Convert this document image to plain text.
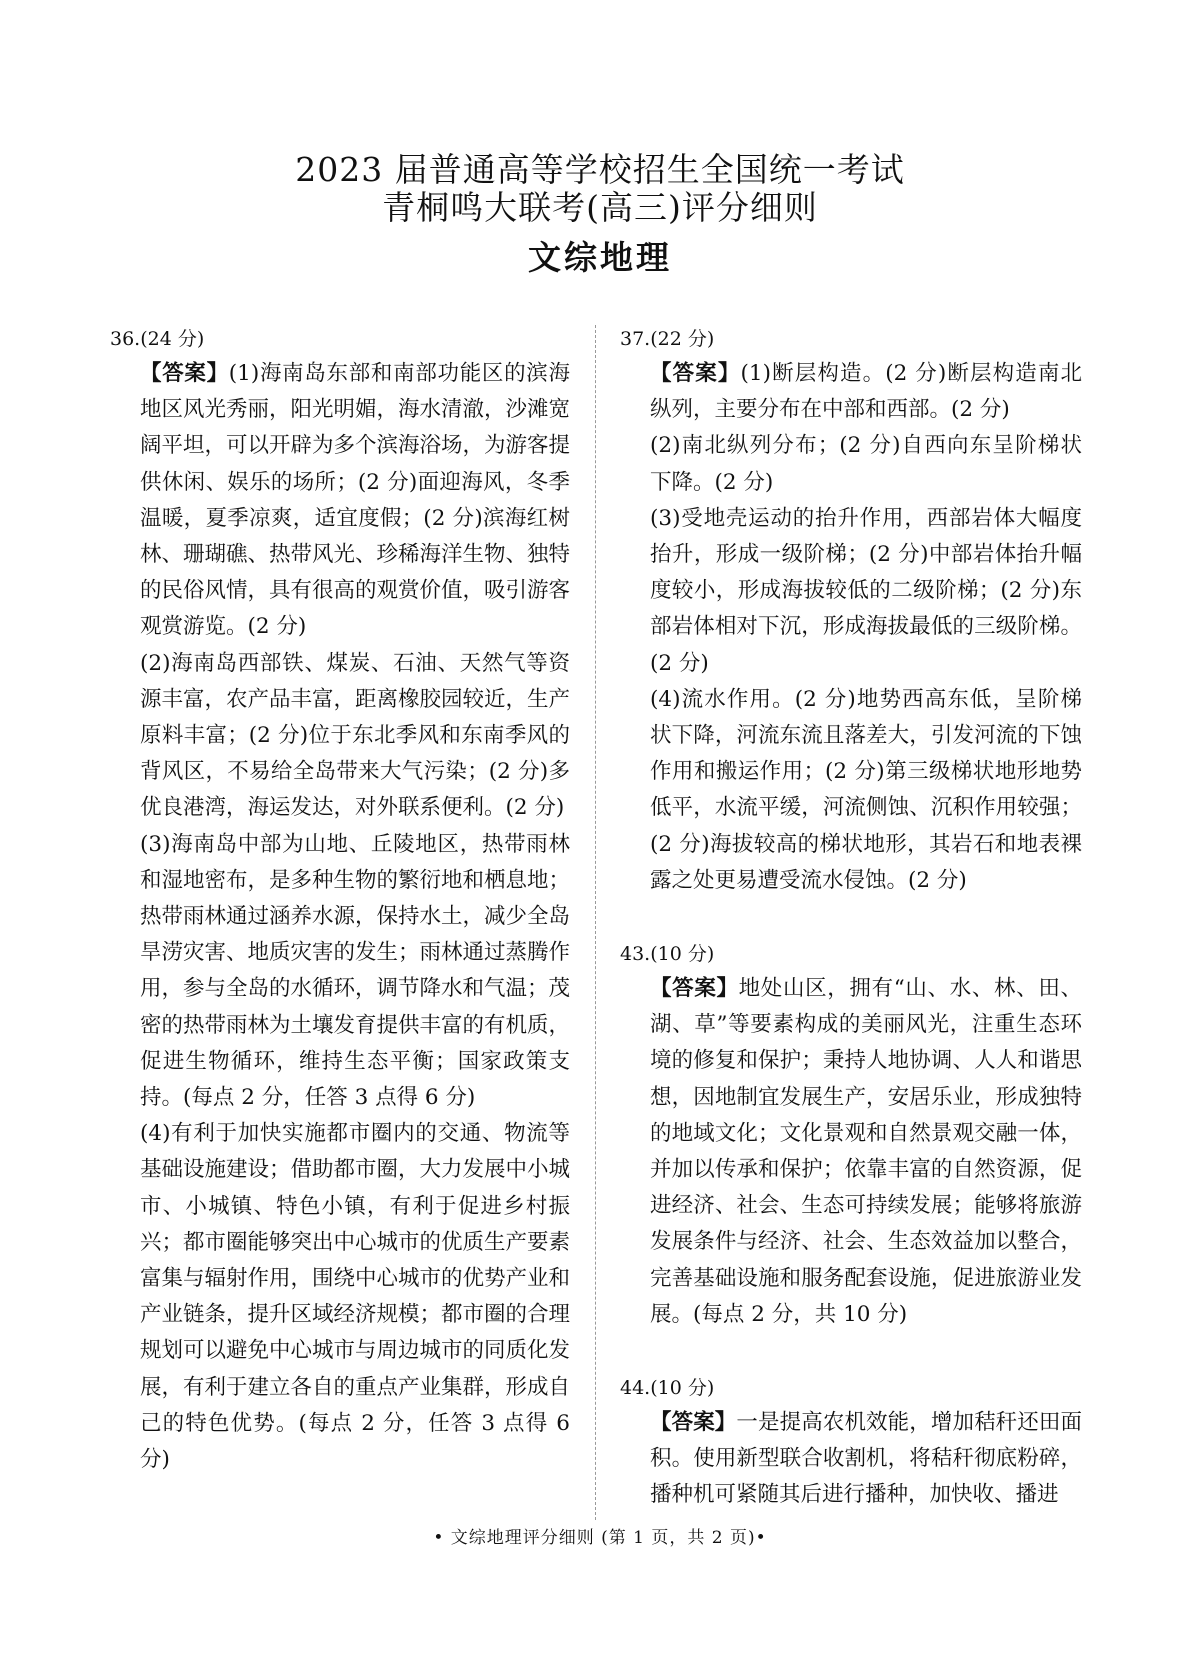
2023 届普通高等学校招生全国统一考试
青桐鸣大联考(高三)评分细则
文综地理
36.(24 分)

【答案】(1)海南岛东部和南部功能区的滨海地区风光秀丽，阳光明媚，海水清澈，沙滩宽阔平坦，可以开辟为多个滨海浴场，为游客提供休闲、娱乐的场所；(2 分)面迎海风，冬季温暖，夏季凉爽，适宜度假；(2 分)滨海红树林、珊瑚礁、热带风光、珍稀海洋生物、独特的民俗风情，具有很高的观赏价值，吸引游客观赏游览。(2 分)

(2)海南岛西部铁、煤炭、石油、天然气等资源丰富，农产品丰富，距离橡胶园较近，生产原料丰富；(2 分)位于东北季风和东南季风的背风区，不易给全岛带来大气污染；(2 分)多优良港湾，海运发达，对外联系便利。(2 分)

(3)海南岛中部为山地、丘陵地区，热带雨林和湿地密布，是多种生物的繁衍地和栖息地；热带雨林通过涵养水源，保持水土，减少全岛旱涝灾害、地质灾害的发生；雨林通过蒸腾作用，参与全岛的水循环，调节降水和气温；茂密的热带雨林为土壤发育提供丰富的有机质，促进生物循环，维持生态平衡；国家政策支持。(每点 2 分，任答 3 点得 6 分)

(4)有利于加快实施都市圈内的交通、物流等基础设施建设；借助都市圈，大力发展中小城市、小城镇、特色小镇，有利于促进乡村振兴；都市圈能够突出中心城市的优质生产要素富集与辐射作用，围绕中心城市的优势产业和产业链条，提升区域经济规模；都市圈的合理规划可以避免中心城市与周边城市的同质化发展，有利于建立各自的重点产业集群，形成自己的特色优势。(每点 2 分，任答 3 点得 6 分)

37.(22 分)

【答案】(1)断层构造。(2 分)断层构造南北纵列，主要分布在中部和西部。(2 分)

(2)南北纵列分布；(2 分)自西向东呈阶梯状下降。(2 分)

(3)受地壳运动的抬升作用，西部岩体大幅度抬升，形成一级阶梯；(2 分)中部岩体抬升幅度较小，形成海拔较低的二级阶梯；(2 分)东部岩体相对下沉，形成海拔最低的三级阶梯。(2 分)

(4)流水作用。(2 分)地势西高东低，呈阶梯状下降，河流东流且落差大，引发河流的下蚀作用和搬运作用；(2 分)第三级梯状地形地势低平，水流平缓，河流侧蚀、沉积作用较强；(2 分)海拔较高的梯状地形，其岩石和地表裸露之处更易遭受流水侵蚀。(2 分)

43.(10 分)

【答案】地处山区，拥有“山、水、林、田、湖、草”等要素构成的美丽风光，注重生态环境的修复和保护；秉持人地协调、人人和谐思想，因地制宜发展生产，安居乐业，形成独特的地域文化；文化景观和自然景观交融一体，并加以传承和保护；依靠丰富的自然资源，促进经济、社会、生态可持续发展；能够将旅游发展条件与经济、社会、生态效益加以整合，完善基础设施和服务配套设施，促进旅游业发展。(每点 2 分，共 10 分)

44.(10 分)

【答案】一是提高农机效能，增加秸秆还田面积。使用新型联合收割机，将秸秆彻底粉碎，播种机可紧随其后进行播种，加快收、播进

• 文综地理评分细则 (第 1 页，共 2 页)•
